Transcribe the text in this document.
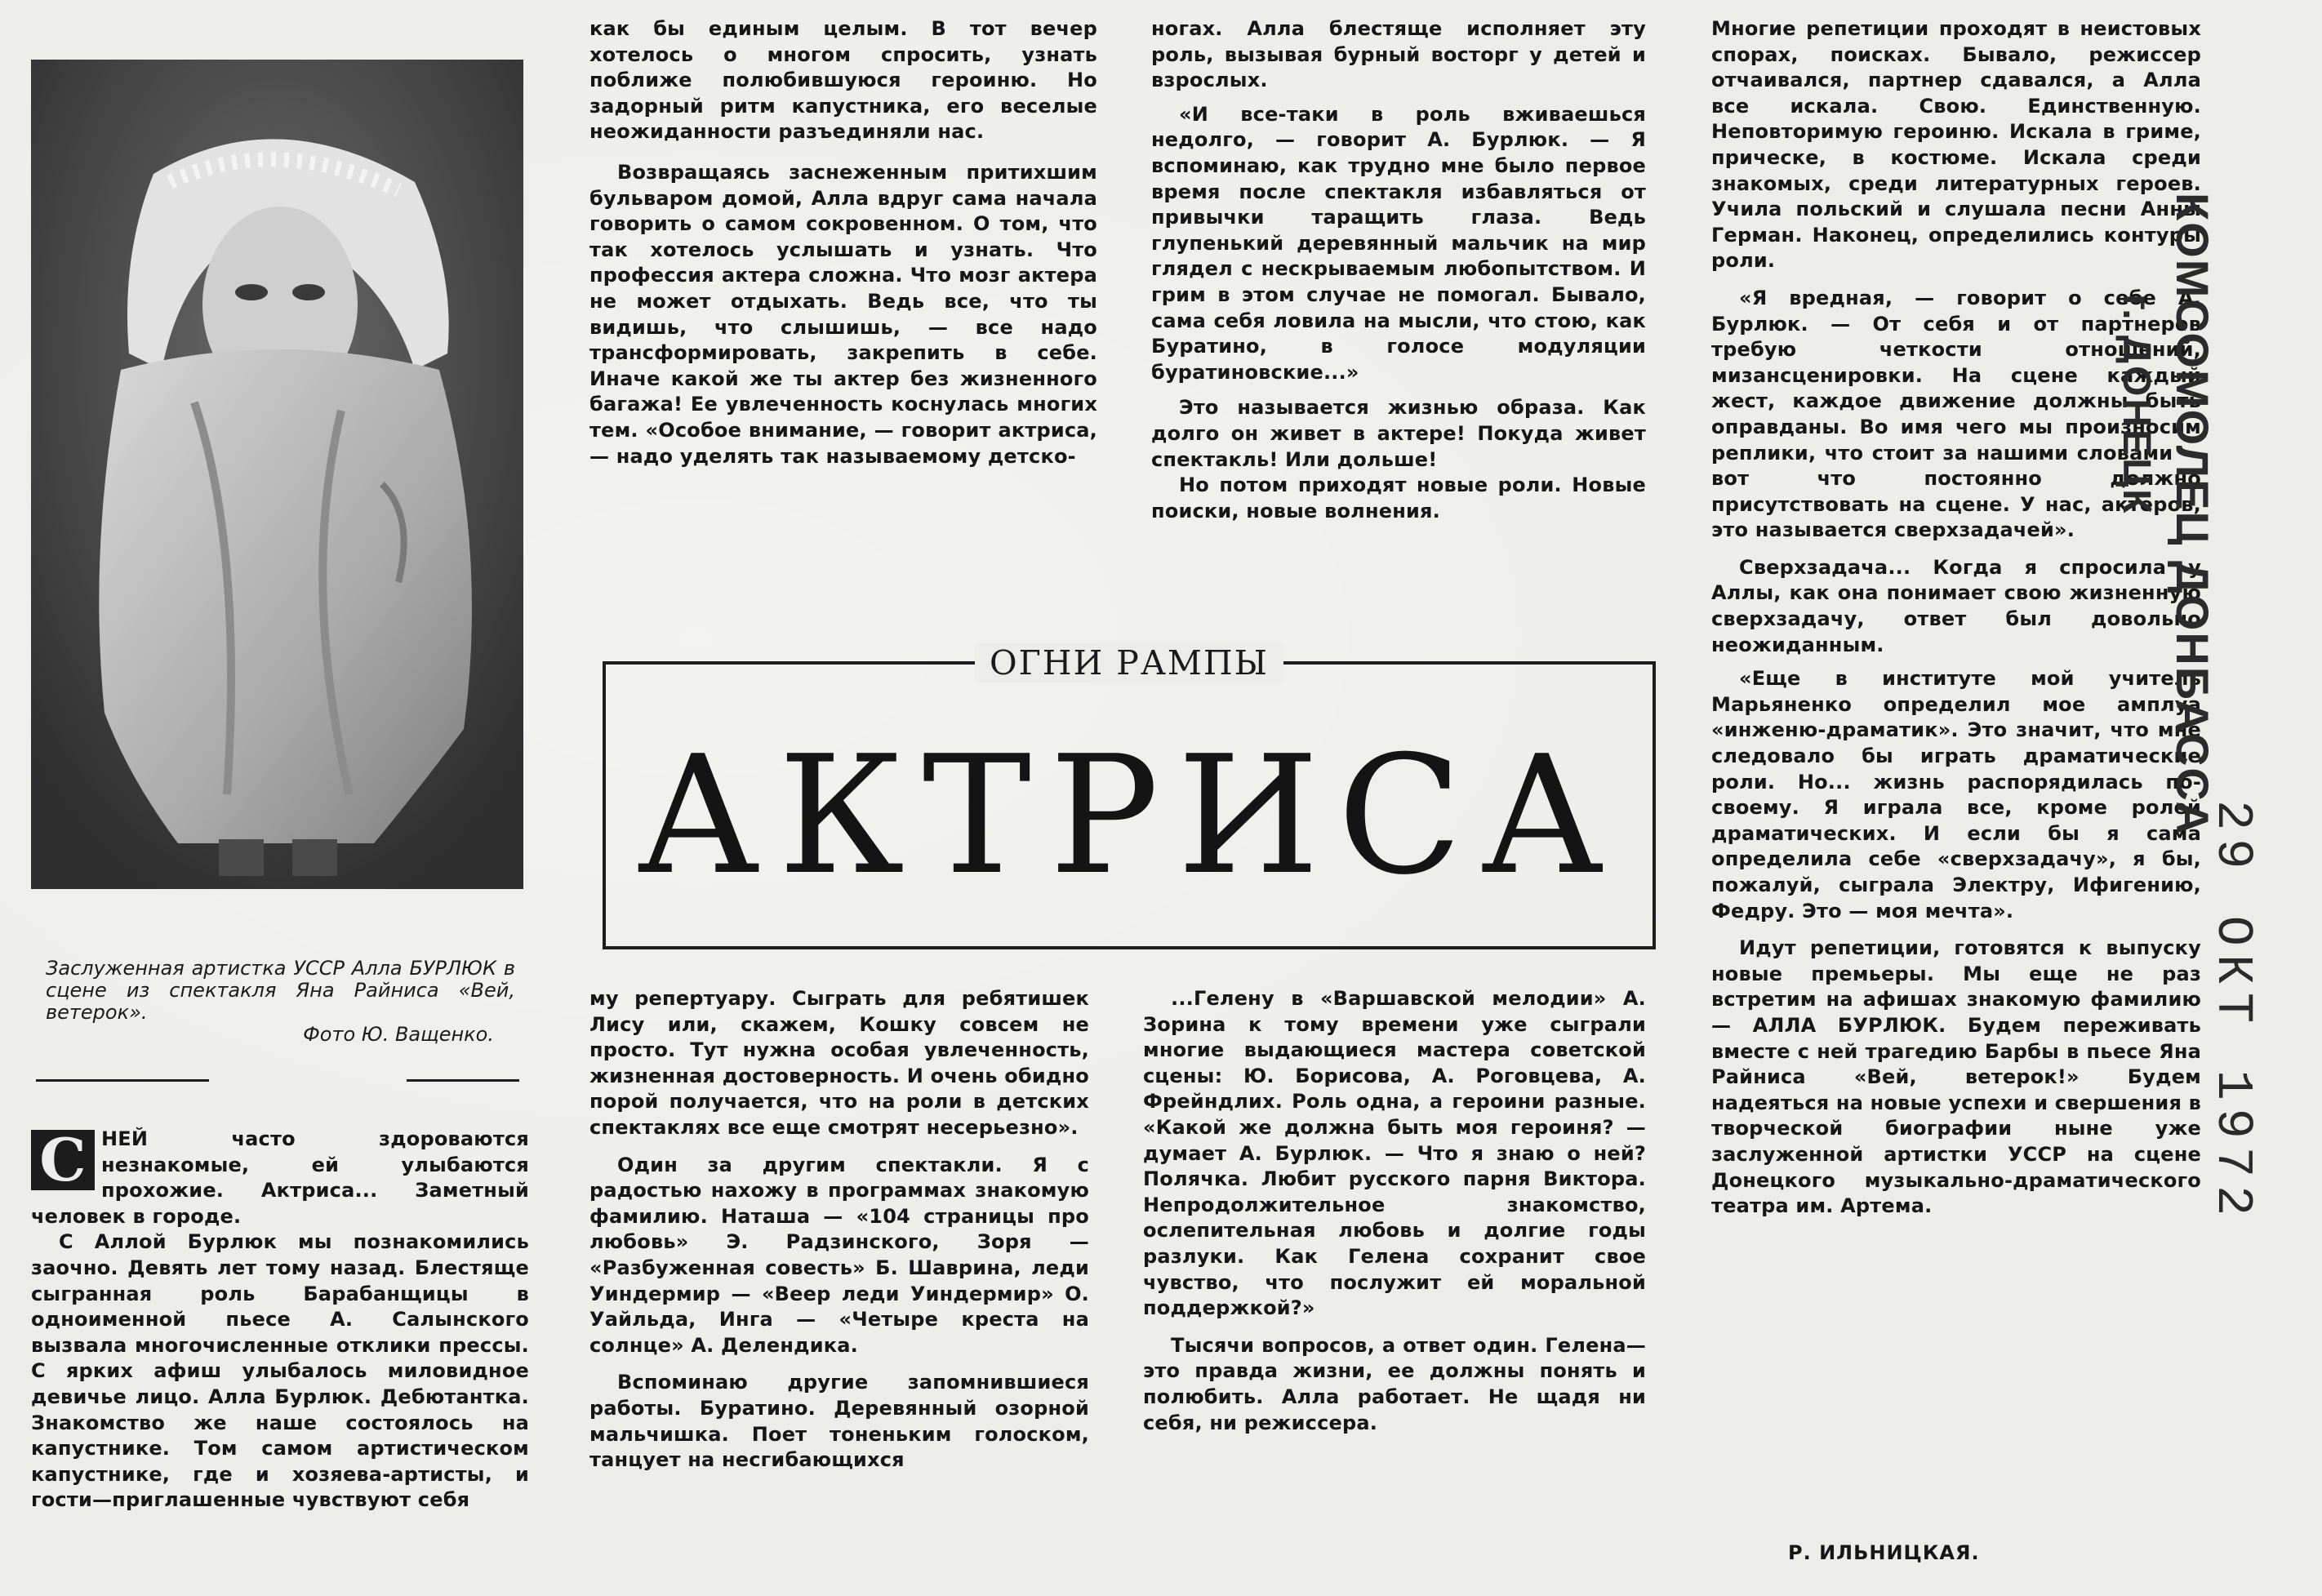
Заслуженная артистка УССР Алла БУРЛЮК в сцене из спектакля Яна Райниса «Вей, ветерок».
Фото Ю. Ващенко.

С НЕЙ часто здороваются незнакомые, ей улыбаются прохожие. Актриса... Заметный человек в городе.

С Аллой Бурлюк мы познакомились заочно. Девять лет тому назад. Блестяще сыгранная роль Барабанщицы в одноименной пьесе А. Салынского вызвала многочисленные отклики прессы. С ярких афиш улыбалось миловидное девичье лицо. Алла Бурлюк. Дебютантка. Знакомство же наше состоялось на капустнике. Том самом артистическом капустнике, где и хозяева-артисты, и гости—приглашенные чувствуют себя

как бы единым целым. В тот вечер хотелось о многом спросить, узнать поближе полюбившуюся героиню. Но задорный ритм капустника, его веселые неожиданности разъединяли нас.

Возвращаясь заснеженным притихшим бульваром домой, Алла вдруг сама начала говорить о самом сокровенном. О том, что так хотелось услышать и узнать. Что профессия актера сложна. Что мозг актера не может отдыхать. Ведь все, что ты видишь, что слышишь, — все надо трансформировать, закрепить в себе. Иначе какой же ты актер без жизненного багажа! Ее увлеченность коснулась многих тем. «Особое внимание, — говорит актриса, — надо уделять так называемому детско-

ногах. Алла блестяще исполняет эту роль, вызывая бурный восторг у детей и взрослых.

«И все-таки в роль вживаешься недолго, — говорит А. Бурлюк. — Я вспоминаю, как трудно мне было первое время после спектакля избавляться от привычки таращить глаза. Ведь глупенький деревянный мальчик на мир глядел с нескрываемым любопытством. И грим в этом случае не помогал. Бывало, сама себя ловила на мысли, что стою, как Буратино, в голосе модуляции буратиновские...»

Это называется жизнью образа. Как долго он живет в актере! Покуда живет спектакль! Или дольше!

Но потом приходят новые роли. Новые поиски, новые волнения.

ОГНИ РАМПЫ
АКТРИСА

му репертуару. Сыграть для ребятишек Лису или, скажем, Кошку совсем не просто. Тут нужна особая увлеченность, жизненная достоверность. И очень обидно порой получается, что на роли в детских спектаклях все еще смотрят несерьезно».

Один за другим спектакли. Я с радостью нахожу в программах знакомую фамилию. Наташа — «104 страницы про любовь» Э. Радзинского, Зоря — «Разбуженная совесть» Б. Шаврина, леди Уиндермир — «Веер леди Уиндермир» О. Уайльда, Инга — «Четыре креста на солнце» А. Делендика.

Вспоминаю другие запомнившиеся работы. Буратино. Деревянный озорной мальчишка. Поет тоненьким голоском, танцует на несгибающихся

...Гелену в «Варшавской мелодии» А. Зорина к тому времени уже сыграли многие выдающиеся мастера советской сцены: Ю. Борисова, А. Роговцева, А. Фрейндлих. Роль одна, а героини разные. «Какой же должна быть моя героиня? — думает А. Бурлюк. — Что я знаю о ней? Полячка. Любит русского парня Виктора. Непродолжительное знакомство, ослепительная любовь и долгие годы разлуки. Как Гелена сохранит свое чувство, что послужит ей моральной поддержкой?»

Тысячи вопросов, а ответ один. Гелена—это правда жизни, ее должны понять и полюбить. Алла работает. Не щадя ни себя, ни режиссера.

Многие репетиции проходят в неистовых спорах, поисках. Бывало, режиссер отчаивался, партнер сдавался, а Алла все искала. Свою. Единственную. Неповторимую героиню. Искала в гриме, прическе, в костюме. Искала среди знакомых, среди литературных героев. Учила польский и слушала песни Анны Герман. Наконец, определились контуры роли.

«Я вредная, — говорит о себе А. Бурлюк. — От себя и от партнеров требую четкости отношений, мизансценировки. На сцене каждый жест, каждое движение должны быть оправданы. Во имя чего мы произносим реплики, что стоит за нашими словами — вот что постоянно должно присутствовать на сцене. У нас, актеров, это называется сверхзадачей».

Сверхзадача... Когда я спросила у Аллы, как она понимает свою жизненную сверхзадачу, ответ был довольно неожиданным.

«Еще в институте мой учитель Марьяненко определил мое амплуа «инженю-драматик». Это значит, что мне следовало бы играть драматические роли. Но... жизнь распорядилась по-своему. Я играла все, кроме ролей драматических. И если бы я сама определила себе «сверхзадачу», я бы, пожалуй, сыграла Электру, Ифигению, Федру. Это — моя мечта».

Идут репетиции, готовятся к выпуску новые премьеры. Мы еще не раз встретим на афишах знакомую фамилию — АЛЛА БУРЛЮК. Будем переживать вместе с ней трагедию Барбы в пьесе Яна Райниса «Вей, ветерок!» Будем надеяться на новые успехи и свершения в творческой биографии ныне уже заслуженной артистки УССР на сцене Донецкого музыкально-драматического театра им. Артема.

Р. ИЛЬНИЦКАЯ.
КОМСОМОЛЕЦ ДОНБАССА
г. ДОНЕЦК
29 ОКТ 1972
